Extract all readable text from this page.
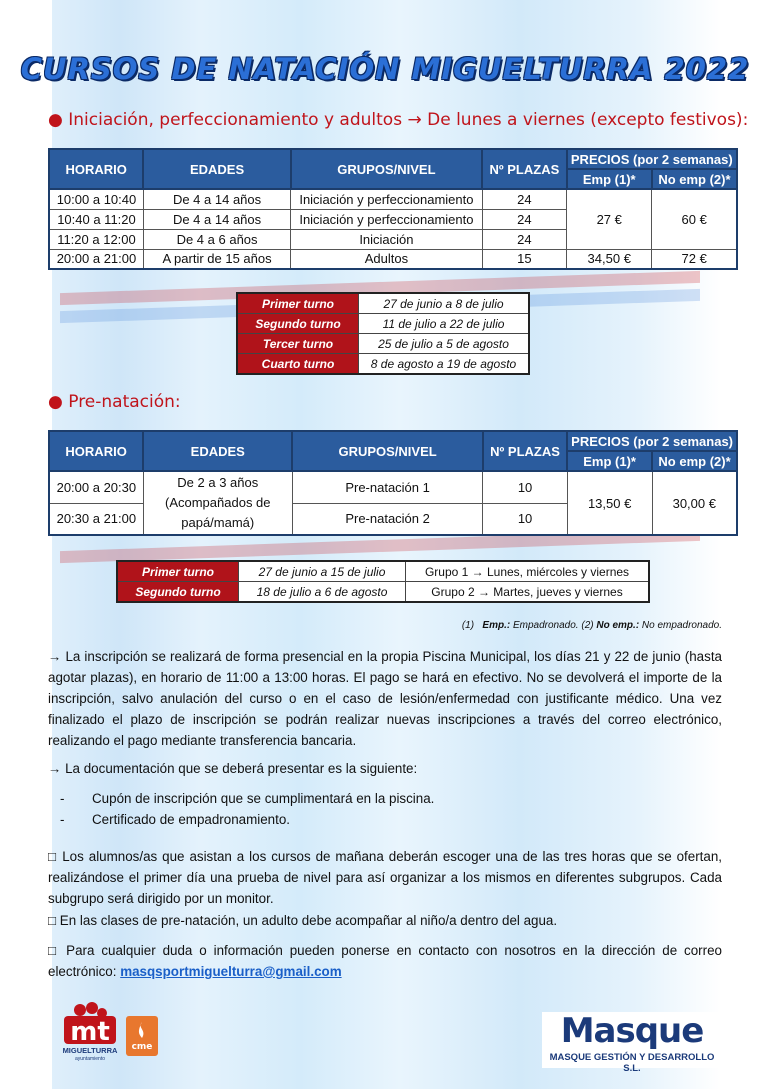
CURSOS DE NATACIÓN MIGUELTURRA 2022
● Iniciación, perfeccionamiento y adultos → De lunes a viernes (excepto festivos):
HORARIO	EDADES	GRUPOS/NIVEL	Nº PLAZAS	PRECIOS (por 2 semanas)	
				Emp (1)*	No emp (2)*
10:00 a 10:40	De 4 a 14 años	Iniciación y perfeccionamiento	24	27 €	60 €
10:40 a 11:20	De 4 a 14 años	Iniciación y perfeccionamiento	24		
11:20 a 12:00	De 4 a 6 años	Iniciación	24		
20:00 a 21:00	A partir de 15 años	Adultos	15	34,50 €	72 €
Primer turno	27 de junio a 8 de julio
Segundo turno	11 de julio a 22 de julio
Tercer turno	25 de julio a 5 de agosto
Cuarto turno	8 de agosto a 19 de agosto
● Pre-natación:
HORARIO	EDADES	GRUPOS/NIVEL	Nº PLAZAS	PRECIOS (por 2 semanas)	
				Emp (1)*	No emp (2)*
20:00 a 20:30	De 2 a 3 años (Acompañados de papá/mamá)	Pre-natación 1	10	13,50 €	30,00 €
20:30 a 21:00		Pre-natación 2	10		
Primer turno	27 de junio a 15 de julio	Grupo 1 → Lunes, miércoles y viernes
Segundo turno	18 de julio a 6 de agosto	Grupo 2 → Martes, jueves y viernes
(1) Emp.: Empadronado. (2) No emp.: No empadronado.

→ La inscripción se realizará de forma presencial en la propia Piscina Municipal, los días 21 y 22 de junio (hasta agotar plazas), en horario de 11:00 a 13:00 horas. El pago se hará en efectivo. No se devolverá el importe de la inscripción, salvo anulación del curso o en el caso de lesión/enfermedad con justificante médico. Una vez finalizado el plazo de inscripción se podrán realizar nuevas inscripciones a través del correo electrónico, realizando el pago mediante transferencia bancaria.

→ La documentación que se deberá presentar es la siguiente:

- Cupón de inscripción que se cumplimentará en la piscina.
- Certificado de empadronamiento.

□ Los alumnos/as que asistan a los cursos de mañana deberán escoger una de las tres horas que se ofertan, realizándose el primer día una prueba de nivel para así organizar a los mismos en diferentes subgrupos. Cada subgrupo será dirigido por un monitor.

□ En las clases de pre-natación, un adulto debe acompañar al niño/a dentro del agua.

□ Para cualquier duda o información pueden ponerse en contacto con nosotros en la dirección de correo electrónico: masqsportmiguelturra@gmail.com

mt
MIGUELTURRA
ayuntamiento
cme	Masque
MASQUE GESTIÓN Y DESARROLLO S.L.
